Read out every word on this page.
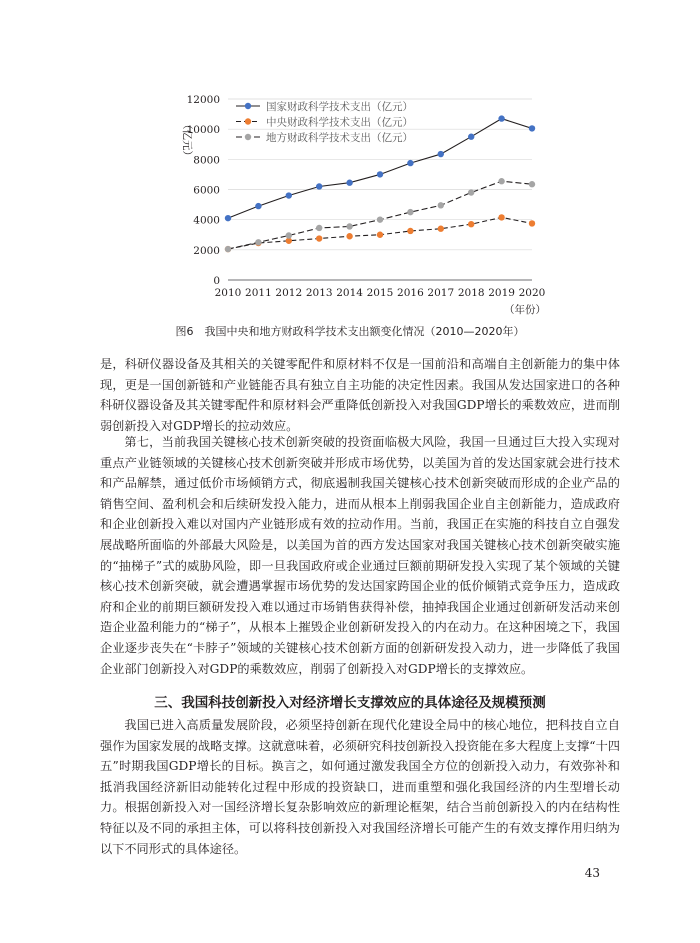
0
2000
4000
6000
8000
10000
12000
2010 2011 2012 2013 2014 2015 2016 2017 2018 2019 2020
（亿元）
（年份）
国家财政科学技术支出（亿元）
中央财政科学技术支出（亿元）
地方财政科学技术支出（亿元）
图6　我国中央和地方财政科学技术支出额变化情况（2010—2020年）

是，科研仪器设备及其相关的关键零配件和原材料不仅是一国前沿和高端自主创新能力的集中体现，更是一国创新链和产业链能否具有独立自主功能的决定性因素。我国从发达国家进口的各种科研仪器设备及其关键零配件和原材料会严重降低创新投入对我国GDP增长的乘数效应，进而削弱创新投入对GDP增长的拉动效应。

第七，当前我国关键核心技术创新突破的投资面临极大风险，我国一旦通过巨大投入实现对重点产业链领域的关键核心技术创新突破并形成市场优势，以美国为首的发达国家就会进行技术和产品解禁，通过低价市场倾销方式，彻底遏制我国关键核心技术创新突破而形成的企业产品的销售空间、盈利机会和后续研发投入能力，进而从根本上削弱我国企业自主创新能力，造成政府和企业创新投入难以对国内产业链形成有效的拉动作用。当前，我国正在实施的科技自立自强发展战略所面临的外部最大风险是，以美国为首的西方发达国家对我国关键核心技术创新突破实施的“抽梯子”式的威胁风险，即一旦我国政府或企业通过巨额前期研发投入实现了某个领域的关键核心技术创新突破，就会遭遇掌握市场优势的发达国家跨国企业的低价倾销式竞争压力，造成政府和企业的前期巨额研发投入难以通过市场销售获得补偿，抽掉我国企业通过创新研发活动来创造企业盈利能力的“梯子”，从根本上摧毁企业创新研发投入的内在动力。在这种困境之下，我国企业逐步丧失在“卡脖子”领域的关键核心技术创新方面的创新研发投入动力，进一步降低了我国企业部门创新投入对GDP的乘数效应，削弱了创新投入对GDP增长的支撑效应。

三、我国科技创新投入对经济增长支撑效应的具体途径及规模预测

我国已进入高质量发展阶段，必须坚持创新在现代化建设全局中的核心地位，把科技自立自强作为国家发展的战略支撑。这就意味着，必须研究科技创新投入投资能在多大程度上支撑“十四五”时期我国GDP增长的目标。换言之，如何通过激发我国全方位的创新投入动力，有效弥补和抵消我国经济新旧动能转化过程中形成的投资缺口，进而重塑和强化我国经济的内生型增长动力。根据创新投入对一国经济增长复杂影响效应的新理论框架，结合当前创新投入的内在结构性特征以及不同的承担主体，可以将科技创新投入对我国经济增长可能产生的有效支撑作用归纳为以下不同形式的具体途径。

43
